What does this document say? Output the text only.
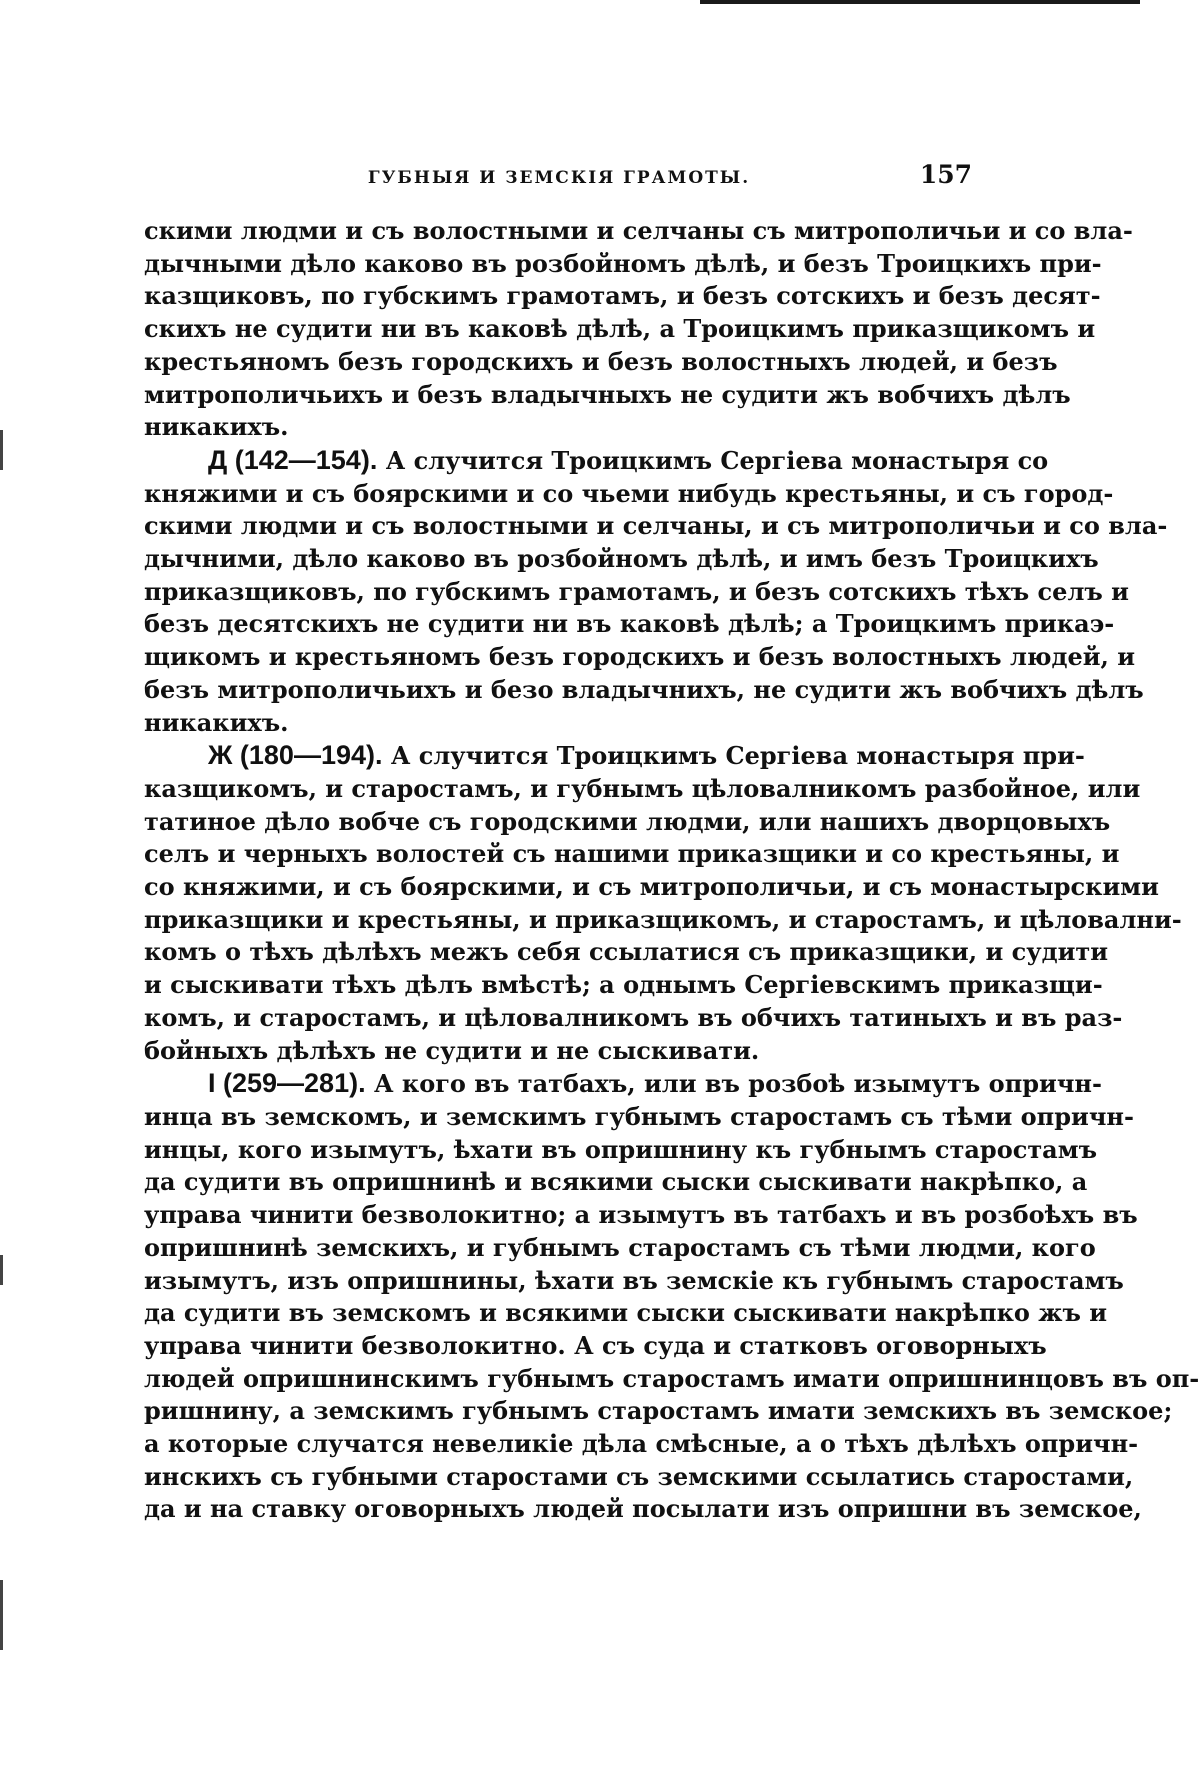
ГУБНЫЯ И ЗЕМСКІЯ ГРАМОТЫ.	157
скими людми и съ волостными и селчаны съ митрополичьи и со вла-
дычными дѣло каково въ розбойномъ дѣлѣ, и безъ Троицкихъ при-
казщиковъ, по губскимъ грамотамъ, и безъ сотскихъ и безъ десят-
скихъ не судити ни въ каковѣ дѣлѣ, а Троицкимъ приказщикомъ и
крестьяномъ безъ городскихъ и безъ волостныхъ людей, и безъ
митрополичьихъ и безъ владычныхъ не судити жъ вобчихъ дѣлъ
никакихъ.
Д (142—154). А случится Троицкимъ Сергіева монастыря со
княжими и съ боярскими и со чьеми нибудь крестьяны, и съ город-
скими людми и съ волостными и селчаны, и съ митрополичьи и со вла-
дычними, дѣло каково въ розбойномъ дѣлѣ, и имъ безъ Троицкихъ
приказщиковъ, по губскимъ грамотамъ, и безъ сотскихъ тѣхъ селъ и
безъ десятскихъ не судити ни въ каковѣ дѣлѣ; а Троицкимъ прикаэ-
щикомъ и крестьяномъ безъ городскихъ и безъ волостныхъ людей, и
безъ митрополичьихъ и безо владычнихъ, не судити жъ вобчихъ дѣлъ
никакихъ.
Ж (180—194). А случится Троицкимъ Сергіева монастыря при-
казщикомъ, и старостамъ, и губнымъ цѣловалникомъ разбойное, или
татиное дѣло вобче съ городскими людми, или нашихъ дворцовыхъ
селъ и черныхъ волостей съ нашими приказщики и со крестьяны, и
со княжими, и съ боярскими, и съ митрополичьи, и съ монастырскими
приказщики и крестьяны, и приказщикомъ, и старостамъ, и цѣловални-
комъ о тѣхъ дѣлѣхъ межъ себя ссылатися съ приказщики, и судити
и сыскивати тѣхъ дѣлъ вмѣстѣ; а однымъ Сергіевскимъ приказщи-
комъ, и старостамъ, и цѣловалникомъ въ обчихъ татиныхъ и въ раз-
бойныхъ дѣлѣхъ не судити и не сыскивати.
I (259—281). А кого въ татбахъ, или въ розбоѣ изымутъ опричн-
инца въ земскомъ, и земскимъ губнымъ старостамъ съ тѣми опричн-
инцы, кого изымутъ, ѣхати въ опришнину къ губнымъ старостамъ
да судити въ опришнинѣ и всякими сыски сыскивати накрѣпко, а
управа чинити безволокитно; а изымутъ въ татбахъ и въ розбоѣхъ въ
опришнинѣ земскихъ, и губнымъ старостамъ съ тѣми людми, кого
изымутъ, изъ опришнины, ѣхати въ земскіе къ губнымъ старостамъ
да судити въ земскомъ и всякими сыски сыскивати накрѣпко жъ и
управа чинити безволокитно. А съ суда и статковъ оговорныхъ
людей опришнинскимъ губнымъ старостамъ имати опришнинцовъ въ оп-
ришнину, а земскимъ губнымъ старостамъ имати земскихъ въ земское;
а которые случатся невеликіе дѣла смѣсные, а о тѣхъ дѣлѣхъ опричн-
инскихъ съ губными старостами съ земскими ссылатись старостами,
да и на ставку оговорныхъ людей посылати изъ опришни въ земское,
